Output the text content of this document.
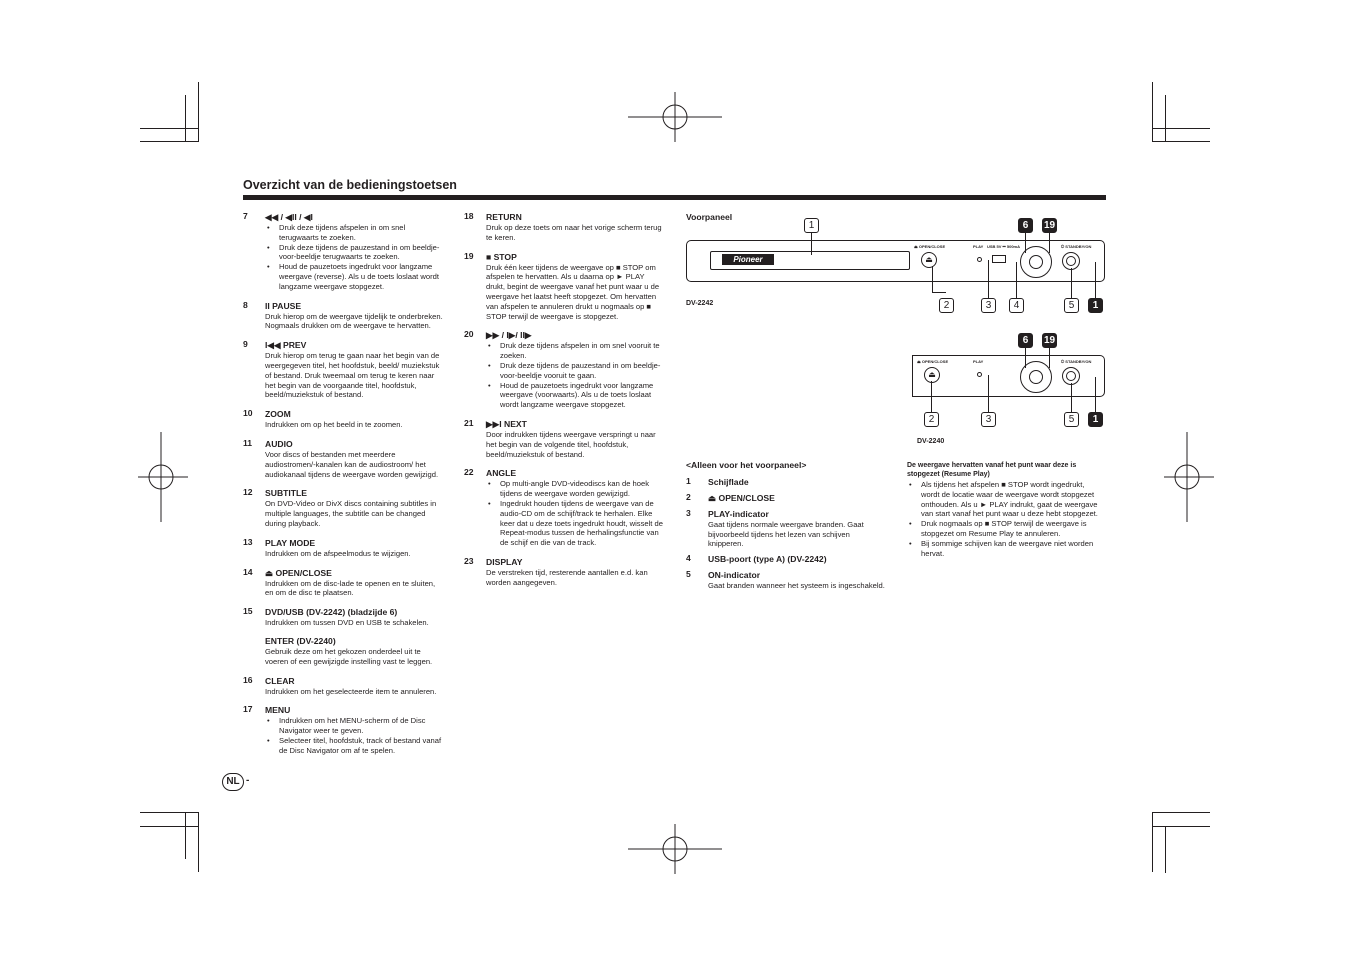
Overzicht van de bedieningstoetsen
7 ◀◀ / ◀II / ◀I
• Druk deze tijdens afspelen in om snel terugwaarts te zoeken.
• Druk deze tijdens de pauzestand in om beeldje-voor-beeldje terugwaarts te zoeken.
• Houd de pauzetoets ingedrukt voor langzame weergave (reverse). Als u de toets loslaat wordt langzame weergave stopgezet.
8 II PAUSE
Druk hierop om de weergave tijdelijk te onderbreken. Nogmaals drukken om de weergave te hervatten.
9 I◀◀ PREV
Druk hierop om terug te gaan naar het begin van de weergegeven titel, het hoofdstuk, beeld/ muziekstuk of bestand. Druk tweemaal om terug te keren naar het begin van de voorgaande titel, hoofdstuk, beeld/muziekstuk of bestand.
10 ZOOM
Indrukken om op het beeld in te zoomen.
11 AUDIO
Voor discs of bestanden met meerdere audiostromen/-kanalen kan de audiostroom/ het audiokanaal tijdens de weergave worden gewijzigd.
12 SUBTITLE
On DVD-Video or DivX discs containing subtitles in multiple languages, the subtitle can be changed during playback.
13 PLAY MODE
Indrukken om de afspeelmodus te wijzigen.
14 ⏏ OPEN/CLOSE
Indrukken om de disc-lade te openen en te sluiten, en om de disc te plaatsen.
15 DVD/USB (DV-2242) (bladzijde 6)
Indrukken om tussen DVD en USB te schakelen.
ENTER (DV-2240)
Gebruik deze om het gekozen onderdeel uit te voeren of een gewijzigde instelling vast te leggen.
16 CLEAR
Indrukken om het geselecteerde item te annuleren.
17 MENU
• Indrukken om het MENU-scherm of de Disc Navigator weer te geven.
• Selecteer titel, hoofdstuk, track of bestand vanaf de Disc Navigator om af te spelen.
18 RETURN
Druk op deze toets om naar het vorige scherm terug te keren.
19 ■ STOP
Druk één keer tijdens de weergave op ■ STOP om afspelen te hervatten. Als u daarna op ► PLAY drukt, begint de weergave vanaf het punt waar u de weergave het laatst heeft stopgezet. Om hervatten van afspelen te annuleren drukt u nogmaals op ■ STOP terwijl de weergave is stopgezet.
20 ▶▶ / I▶/ II▶
• Druk deze tijdens afspelen in om snel vooruit te zoeken.
• Druk deze tijdens de pauzestand in om beeldje-voor-beeldje vooruit te gaan.
• Houd de pauzetoets ingedrukt voor langzame weergave (voorwaarts). Als u de toets loslaat wordt langzame weergave stopgezet.
21 ▶▶I NEXT
Door indrukken tijdens weergave verspringt u naar het begin van de volgende titel, hoofdstuk, beeld/muziekstuk of bestand.
22 ANGLE
• Op multi-angle DVD-videodiscs kan de hoek tijdens de weergave worden gewijzigd.
• Ingedrukt houden tijdens de weergave van de audio-CD om de schijf/track te herhalen. Elke keer dat u deze toets ingedrukt houdt, wisselt de Repeat-modus tussen de herhalingsfunctie van de schijf en die van de track.
23 DISPLAY
De verstreken tijd, resterende aantallen e.d. kan worden aangegeven.
Voorpaneel
Pioneer
⏏ OPEN/CLOSE
⏏
PLAY USB 5V ⎓ 500mA	⏻ STANDBY/ON
1	6	19
2	3	4	5	1
DV-2242
⏏ OPEN/CLOSE
⏏
PLAY	⏻ STANDBY/ON
6	19
2	3	5	1
DV-2240
<Alleen voor het voorpaneel>
1 Schijflade
2 ⏏ OPEN/CLOSE
3 PLAY-indicator
Gaat tijdens normale weergave branden. Gaat bijvoorbeeld tijdens het lezen van schijven knipperen.
4 USB-poort (type A) (DV-2242)
5 ON-indicator
Gaat branden wanneer het systeem is ingeschakeld.
De weergave hervatten vanaf het punt waar deze is stopgezet (Resume Play)
• Als tijdens het afspelen ■ STOP wordt ingedrukt, wordt de locatie waar de weergave wordt stopgezet onthouden. Als u ► PLAY indrukt, gaat de weergave van start vanaf het punt waar u deze hebt stopgezet.
• Druk nogmaals op ■ STOP terwijl de weergave is stopgezet om Resume Play te annuleren.
• Bij sommige schijven kan de weergave niet worden hervat.
NL -
